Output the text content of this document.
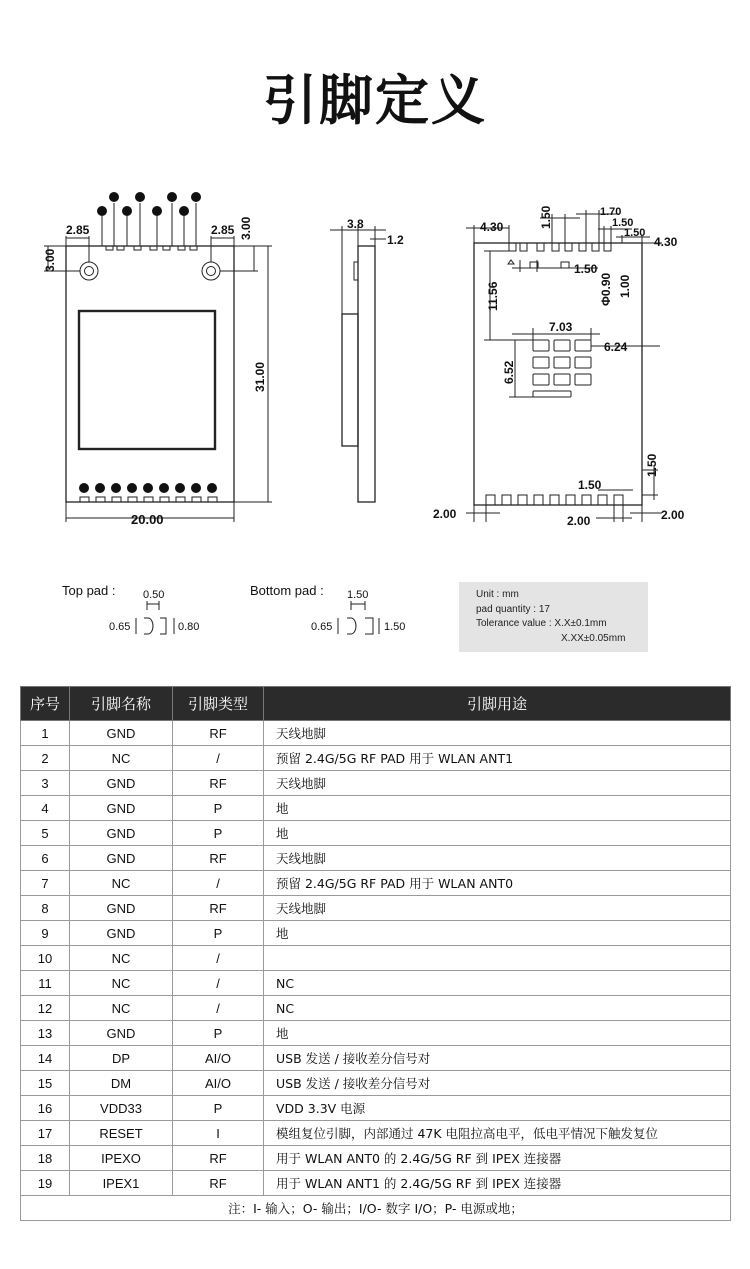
引脚定义
7	5	3	1
8	6	4	2
9 10 11 12 13 14 15 16 17
2.85	2.85
3.00
3.00
31.00
20.00
3.8
1.2
4.30	1.50	1.70
1.50
1.50
4.30
1.50
Φ0.90 1.00
11.56
7.03
6.24
6.52
1.50
1.50
2.00	2.00	2.00
Top pad :	0.50
0.65	0.80
Bottom pad : 1.50
0.65	1.50
Unit : mm
pad quantity : 17
Tolerance value : X.X±0.1mm
X.XX±0.05mm
序号	引脚名称	引脚类型	引脚用途
1	GND	RF	天线地脚
2	NC	/	预留 2.4G/5G RF PAD 用于 WLAN ANT1
3	GND	RF	天线地脚
4	GND	P	地
5	GND	P	地
6	GND	RF	天线地脚
7	NC	/	预留 2.4G/5G RF PAD 用于 WLAN ANT0
8	GND	RF	天线地脚
9	GND	P	地
10	NC	/	
11	NC	/	NC
12	NC	/	NC
13	GND	P	地
14	DP	AI/O	USB 发送 / 接收差分信号对
15	DM	AI/O	USB 发送 / 接收差分信号对
16	VDD33	P	VDD 3.3V 电源
17	RESET	I	模组复位引脚，内部通过 47K 电阻拉高电平，低电平情况下触发复位
18	IPEXO	RF	用于 WLAN ANT0 的 2.4G/5G RF 到 IPEX 连接器
19	IPEX1	RF	用于 WLAN ANT1 的 2.4G/5G RF 到 IPEX 连接器
注：I- 输入；O- 输出；I/O- 数字 I/O；P- 电源或地；			
